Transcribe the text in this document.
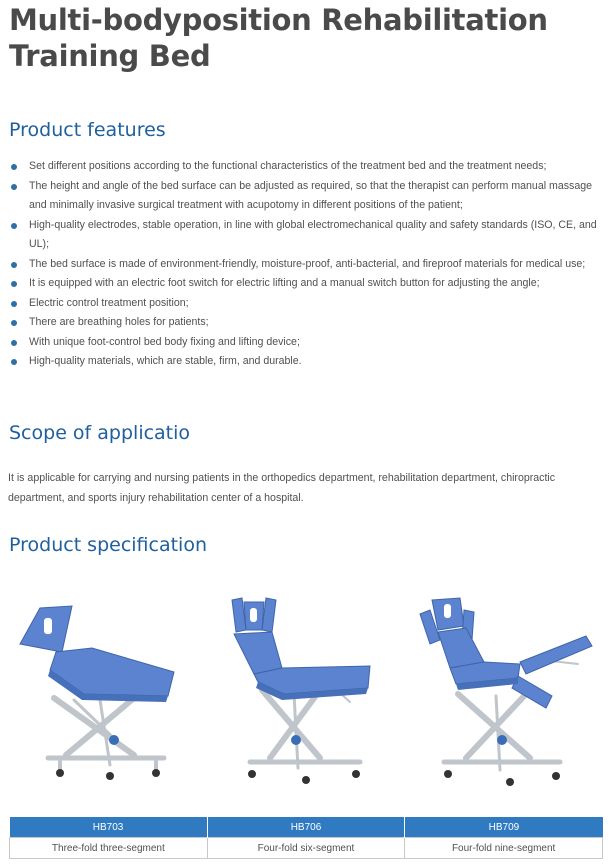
Multi-bodyposition Rehabilitation Training Bed
Product features
Set different positions according to the functional characteristics of the treatment bed and the treatment needs;
The height and angle of the bed surface can be adjusted as required, so that the therapist can perform manual massage and minimally invasive surgical treatment with acupotomy in different positions of the patient;
High-quality electrodes, stable operation, in line with global electromechanical quality and safety standards (ISO, CE, and UL);
The bed surface is made of environment-friendly, moisture-proof, anti-bacterial, and fireproof materials for medical use;
It is equipped with an electric foot switch for electric lifting and a manual switch button for adjusting the angle;
Electric control treatment position;
There are breathing holes for patients;
With unique foot-control bed body fixing and lifting device;
High-quality materials, which are stable, firm, and durable.
Scope of applicatio

It is applicable for carrying and nursing patients in the orthopedics department, rehabilitation department, chiropractic department, and sports injury rehabilitation center of a hospital.

Product specification
HB703	HB706	HB709
Three-fold three-segment	Four-fold six-segment	Four-fold nine-segment
